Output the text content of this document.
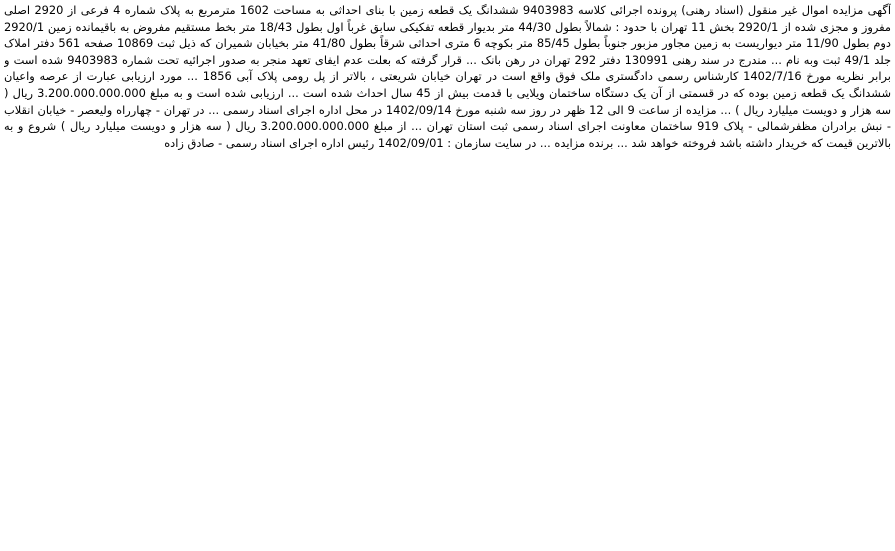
آگهی مزایده اموال غیر منقول (اسناد رهنی) پرونده اجرائی کلاسه 9403983 ششدانگ یک قطعه زمین با بنای احداثی به مساحت 1602 مترمربع به پلاک شماره 4 فرعی از 2920 اصلی مفروز و مجزی شده از 2920/1 بخش 11 تهران با حدود : شمالاً بطول 44/30 متر بدیوار قطعه تفکیکی سابق غرباً اول بطول 18/43 متر بخط مستقیم مفروض به باقیمانده زمین 2920/1 دوم بطول 11/90 متر دیواریست به زمین مجاور مزبور جنوباً بطول 85/45 متر بکوچه 6 متری احداثی شرقاً بطول 41/80 متر بخیابان شمیران که ذیل ثبت 10869 صفحه 561 دفتر املاک جلد 49/1 ثبت وبه نام ... مندرج در سند رهنی 130991 دفتر 292 تهران در رهن بانک ... قرار گرفته که بعلت عدم ایفای تعهد منجر به صدور اجرائیه تحت شماره 9403983 شده است و برابر نظریه مورخ 1402/7/16 کارشناس رسمی دادگستری ملک فوق واقع است در تهران خیابان شریعتی ، بالاتر از پل رومی پلاک آبی 1856 ... مورد ارزیابی عبارت از عرصه واعیان ششدانگ یک قطعه زمین بوده که در قسمتی از آن یک دستگاه ساختمان ویلایی با قدمت بیش از 45 سال احداث شده است ... ارزیابی شده است و به مبلغ 3.200.000.000.000 ریال ( سه هزار و دویست میلیارد ریال ) ... مزایده از ساعت 9 الی 12 ظهر در روز سه شنبه مورخ 1402/09/14 در محل اداره اجرای اسناد رسمی ... در تهران - چهارراه ولیعصر - خیابان انقلاب - نبش برادران مظفرشمالی - پلاک 919 ساختمان معاونت اجرای اسناد رسمی ثبت استان تهران ... از مبلغ 3.200.000.000.000 ریال ( سه هزار و دویست میلیارد ریال ) شروع و به بالاترین قیمت که خریدار داشته باشد فروخته خواهد شد ... برنده مزایده ... در سایت سازمان : 1402/09/01 رئیس اداره اجرای اسناد رسمی - صادق زاده
